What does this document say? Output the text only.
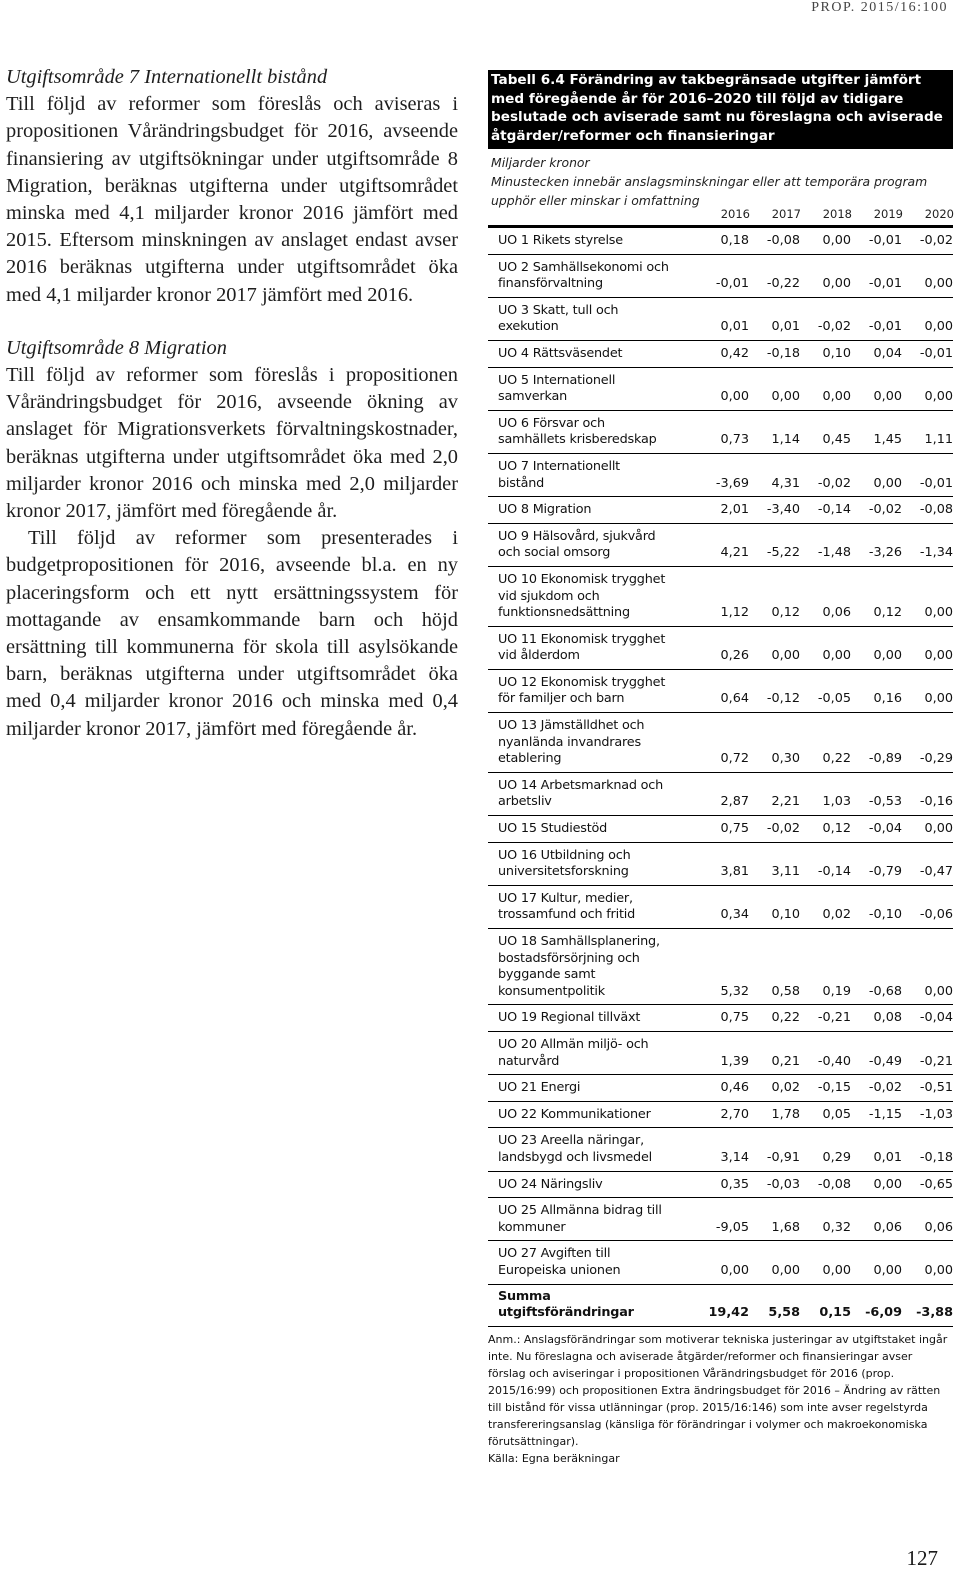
PROP. 2015/16:100
Utgiftsområde 7 Internationellt bistånd

Till följd av reformer som föreslås och aviseras i propositionen Vårändringsbudget för 2016, avseende finansiering av utgiftsökningar under utgiftsområde 8 Migration, beräknas utgifterna under utgiftsområdet minska med 4,1 miljarder kronor 2016 jämfört med 2015. Eftersom minskningen av anslaget endast avser 2016 beräknas utgifterna under utgiftsområdet öka med 4,1 miljarder kronor 2017 jämfört med 2016.

Utgiftsområde 8 Migration

Till följd av reformer som föreslås i propositionen Vårändringsbudget för 2016, avseende ökning av anslaget för Migrationsverkets förvaltningskostnader, beräknas utgifterna under utgiftsområdet öka med 2,0 miljarder kronor 2016 och minska med 2,0 miljarder kronor 2017, jämfört med föregående år.

Till följd av reformer som presenterades i budgetpropositionen för 2016, avseende bl.a. en ny placeringsform och ett nytt ersättningssystem för mottagande av ensamkommande barn och höjd ersättning till kommunerna för skola till asylsökande barn, beräknas utgifterna under utgiftsområdet öka med 0,4 miljarder kronor 2016 och minska med 0,4 miljarder kronor 2017, jämfört med föregående år.

Tabell 6.4 Förändring av takbegränsade utgifter jämfört med föregående år för 2016–2020 till följd av tidigare beslutade och aviserade samt nu föreslagna och aviserade åtgärder/reformer och finansieringar
Miljarder kronor
Minustecken innebär anslagsminskningar eller att temporära program upphör eller minskar i omfattning
2016	2017	2018	2019	2020
UO 1 Rikets styrelse	0,18	-0,08	0,00	-0,01	-0,02
UO 2 Samhällsekonomi och
finansförvaltning	-0,01	-0,22	0,00	-0,01	0,00
UO 3 Skatt, tull och
exekution	0,01	0,01	-0,02	-0,01	0,00
UO 4 Rättsväsendet	0,42	-0,18	0,10	0,04	-0,01
UO 5 Internationell
samverkan	0,00	0,00	0,00	0,00	0,00
UO 6 Försvar och
samhällets krisberedskap	0,73	1,14	0,45	1,45	1,11
UO 7 Internationellt
bistånd	-3,69	4,31	-0,02	0,00	-0,01
UO 8 Migration	2,01	-3,40	-0,14	-0,02	-0,08
UO 9 Hälsovård, sjukvård
och social omsorg	4,21	-5,22	-1,48	-3,26	-1,34
UO 10 Ekonomisk trygghet
vid sjukdom och
funktionsnedsättning	1,12	0,12	0,06	0,12	0,00
UO 11 Ekonomisk trygghet
vid ålderdom	0,26	0,00	0,00	0,00	0,00
UO 12 Ekonomisk trygghet
för familjer och barn	0,64	-0,12	-0,05	0,16	0,00
UO 13 Jämställdhet och
nyanlända invandrares
etablering	0,72	0,30	0,22	-0,89	-0,29
UO 14 Arbetsmarknad och
arbetsliv	2,87	2,21	1,03	-0,53	-0,16
UO 15 Studiestöd	0,75	-0,02	0,12	-0,04	0,00
UO 16 Utbildning och
universitetsforskning	3,81	3,11	-0,14	-0,79	-0,47
UO 17 Kultur, medier,
trossamfund och fritid	0,34	0,10	0,02	-0,10	-0,06
UO 18 Samhällsplanering,
bostadsförsörjning och
byggande samt
konsumentpolitik	5,32	0,58	0,19	-0,68	0,00
UO 19 Regional tillväxt	0,75	0,22	-0,21	0,08	-0,04
UO 20 Allmän miljö- och
naturvård	1,39	0,21	-0,40	-0,49	-0,21
UO 21 Energi	0,46	0,02	-0,15	-0,02	-0,51
UO 22 Kommunikationer	2,70	1,78	0,05	-1,15	-1,03
UO 23 Areella näringar,
landsbygd och livsmedel	3,14	-0,91	0,29	0,01	-0,18
UO 24 Näringsliv	0,35	-0,03	-0,08	0,00	-0,65
UO 25 Allmänna bidrag till
kommuner	-9,05	1,68	0,32	0,06	0,06
UO 27 Avgiften till
Europeiska unionen	0,00	0,00	0,00	0,00	0,00
Summa
utgiftsförändringar	19,42	5,58	0,15	-6,09	-3,88
Anm.: Anslagsförändringar som motiverar tekniska justeringar av utgiftstaket ingår inte. Nu föreslagna och aviserade åtgärder/reformer och finansieringar avser förslag och aviseringar i propositionen Vårändringsbudget för 2016 (prop. 2015/16:99) och propositionen Extra ändringsbudget för 2016 – Ändring av rätten till bistånd för vissa utlänningar (prop. 2015/16:146) som inte avser regelstyrda transfereringsanslag (känsliga för förändringar i volymer och makroekonomiska förutsättningar).
Källa: Egna beräkningar
127
